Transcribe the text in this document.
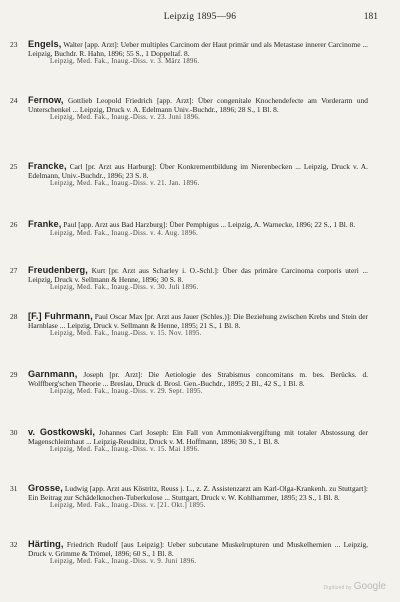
Leipzig 1895—96	181
23	Engels, Walter [app. Arzt]: Ueber multiples Carcinom der Haut primär und als Metastase innerer Carcinome ... Leipzig, Buchdr. R. Hahn, 1896; 55 S., 1 Doppeltaf. 8.
Leipzig, Med. Fak., Inaug.-Diss. v. 3. März 1896.
24	Fernow, Gottlieb Leopold Friedrich [app. Arzt]: Über congenitale Knochendefecte am Vorderarm und Unterschenkel ... Leipzig, Druck v. A. Edelmann Univ.-Buchdr., 1896; 28 S., 1 Bl. 8.
Leipzig, Med. Fak., Inaug.-Diss. v. 23. Juni 1896.
25	Francke, Carl [pr. Arzt aus Harburg]: Über Konkrementbildung im Nierenbecken ... Leipzig, Druck v. A. Edelmann, Univ.-Buchdr., 1896; 23 S. 8.
Leipzig, Med. Fak., Inaug.-Diss. v. 21. Jan. 1896.
26	Franke, Paul [app. Arzt aus Bad Harzburg]: Über Pemphigus ... Leipzig, A. Warnecke, 1896; 22 S., 1 Bl. 8.
Leipzig, Med. Fak., Inaug.-Diss. v. 4. Aug. 1896.
27	Freudenberg, Kurt [pr. Arzt aus Scharley i. O.-Schl.]: Über das primäre Carcinoma corporis uteri ... Leipzig, Druck v. Sellmann & Henne, 1896; 30 S. 8.
Leipzig, Med. Fak., Inaug.-Diss. v. 30. Juli 1896.
28	[F.] Fuhrmann, Paul Oscar Max [pr. Arzt aus Jauer (Schles.)]: Die Beziehung zwischen Krebs und Stein der Harnblase ... Leipzig, Druck v. Sellmann & Henne, 1895; 21 S., 1 Bl. 8.
Leipzig, Med. Fak., Inaug.-Diss. v. 15. Nov. 1895.
29	Garnmann, Joseph [pr. Arzt]: Die Aetiologie des Strabismus concomitans m. bes. Berücks. d. Wolffberg'schen Theorie ... Breslau, Druck d. Brosl. Gen.-Buchdr., 1895; 2 Bl., 42 S., 1 Bl. 8.
Leipzig, Med. Fak., Inaug.-Diss. v. 29. Sept. 1895.
30	v. Gostkowski, Johannes Carl Joseph: Ein Fall von Ammoniakvergiftung mit totaler Abstossung der Magenschleimhaut ... Leipzig-Reudnitz, Druck v. M. Hoffmann, 1896; 30 S., 1 Bl. 8.
Leipzig, Med. Fak., Inaug.-Diss. v. 15. Mai 1896.
31	Grosse, Ludwig [app. Arzt aus Köstritz, Reuss j. L., z. Z. Assistenzarzt am Karl-Olga-Krankenh. zu Stuttgart]: Ein Beitrag zur Schädelknochen-Tuberkulose ... Stuttgart, Druck v. W. Kohlhammer, 1895; 23 S., 1 Bl. 8.
Leipzig, Med. Fak., Inaug.-Diss. v. [21. Okt.] 1895.
32	Härting, Friedrich Rudolf [aus Leipzig]: Ueber subcutane Muskelrupturen und Muskelhernien ... Leipzig, Druck v. Grimme & Trömel, 1896; 60 S., 1 Bl. 8.
Leipzig, Med. Fak., Inaug.-Diss. v. 9. Juni 1896.
Digitized by Google
